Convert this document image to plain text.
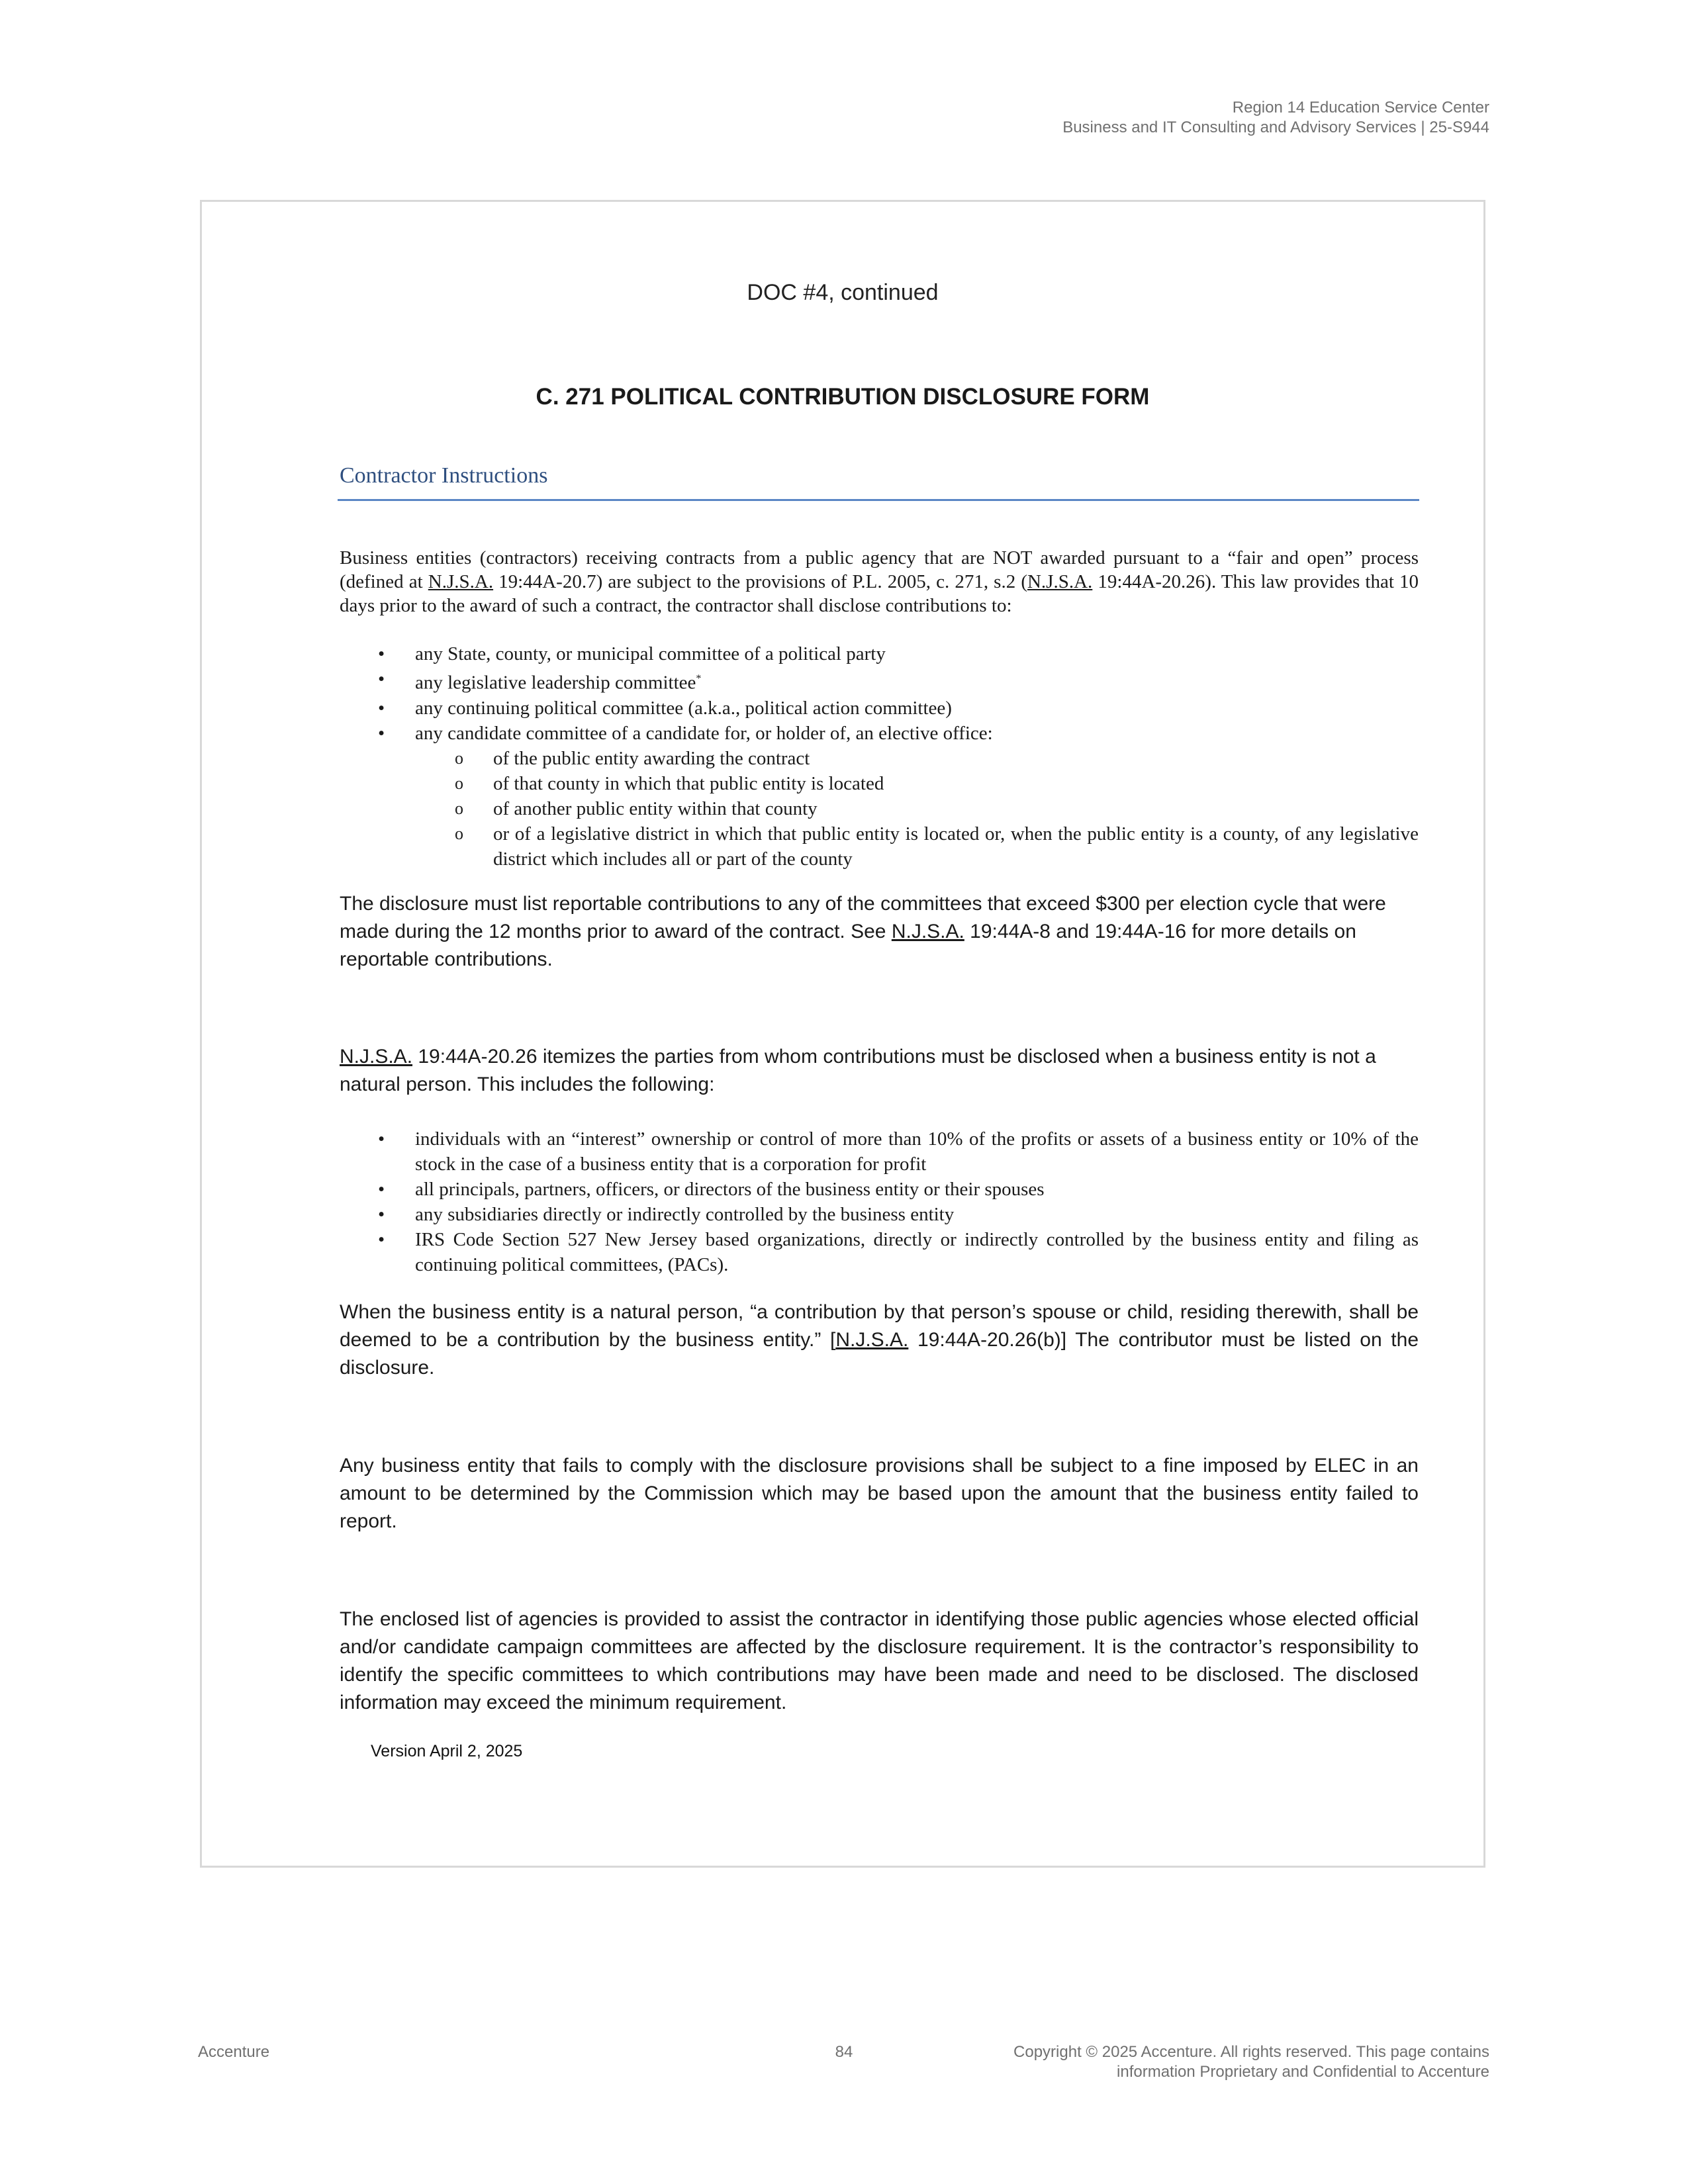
Region 14 Education Service Center
Business and IT Consulting and Advisory Services | 25-S944
DOC #4, continued
C. 271 POLITICAL CONTRIBUTION DISCLOSURE FORM
Contractor Instructions
Business entities (contractors) receiving contracts from a public agency that are NOT awarded pursuant to a “fair and open” process (defined at N.J.S.A. 19:44A-20.7) are subject to the provisions of P.L. 2005, c. 271, s.2 (N.J.S.A. 19:44A-20.26). This law provides that 10 days prior to the award of such a contract, the contractor shall disclose contributions to:
• any State, county, or municipal committee of a political party
• any legislative leadership committee*
• any continuing political committee (a.k.a., political action committee)
• any candidate committee of a candidate for, or holder of, an elective office:
o of the public entity awarding the contract
o of that county in which that public entity is located
o of another public entity within that county
o or of a legislative district in which that public entity is located or, when the public entity is a county, of any legislative district which includes all or part of the county
The disclosure must list reportable contributions to any of the committees that exceed $300 per election cycle that were made during the 12 months prior to award of the contract. See N.J.S.A. 19:44A-8 and 19:44A-16 for more details on reportable contributions.
N.J.S.A. 19:44A-20.26 itemizes the parties from whom contributions must be disclosed when a business entity is not a natural person. This includes the following:
• individuals with an “interest” ownership or control of more than 10% of the profits or assets of a business entity or 10% of the stock in the case of a business entity that is a corporation for profit
• all principals, partners, officers, or directors of the business entity or their spouses
• any subsidiaries directly or indirectly controlled by the business entity
• IRS Code Section 527 New Jersey based organizations, directly or indirectly controlled by the business entity and filing as continuing political committees, (PACs).
When the business entity is a natural person, “a contribution by that person’s spouse or child, residing therewith, shall be deemed to be a contribution by the business entity.” [N.J.S.A. 19:44A-20.26(b)] The contributor must be listed on the disclosure.
Any business entity that fails to comply with the disclosure provisions shall be subject to a fine imposed by ELEC in an amount to be determined by the Commission which may be based upon the amount that the business entity failed to report.
The enclosed list of agencies is provided to assist the contractor in identifying those public agencies whose elected official and/or candidate campaign committees are affected by the disclosure requirement. It is the contractor’s responsibility to identify the specific committees to which contributions may have been made and need to be disclosed. The disclosed information may exceed the minimum requirement.
Version April 2, 2025
Accenture	84	Copyright © 2025 Accenture. All rights reserved. This page contains
information Proprietary and Confidential to Accenture
